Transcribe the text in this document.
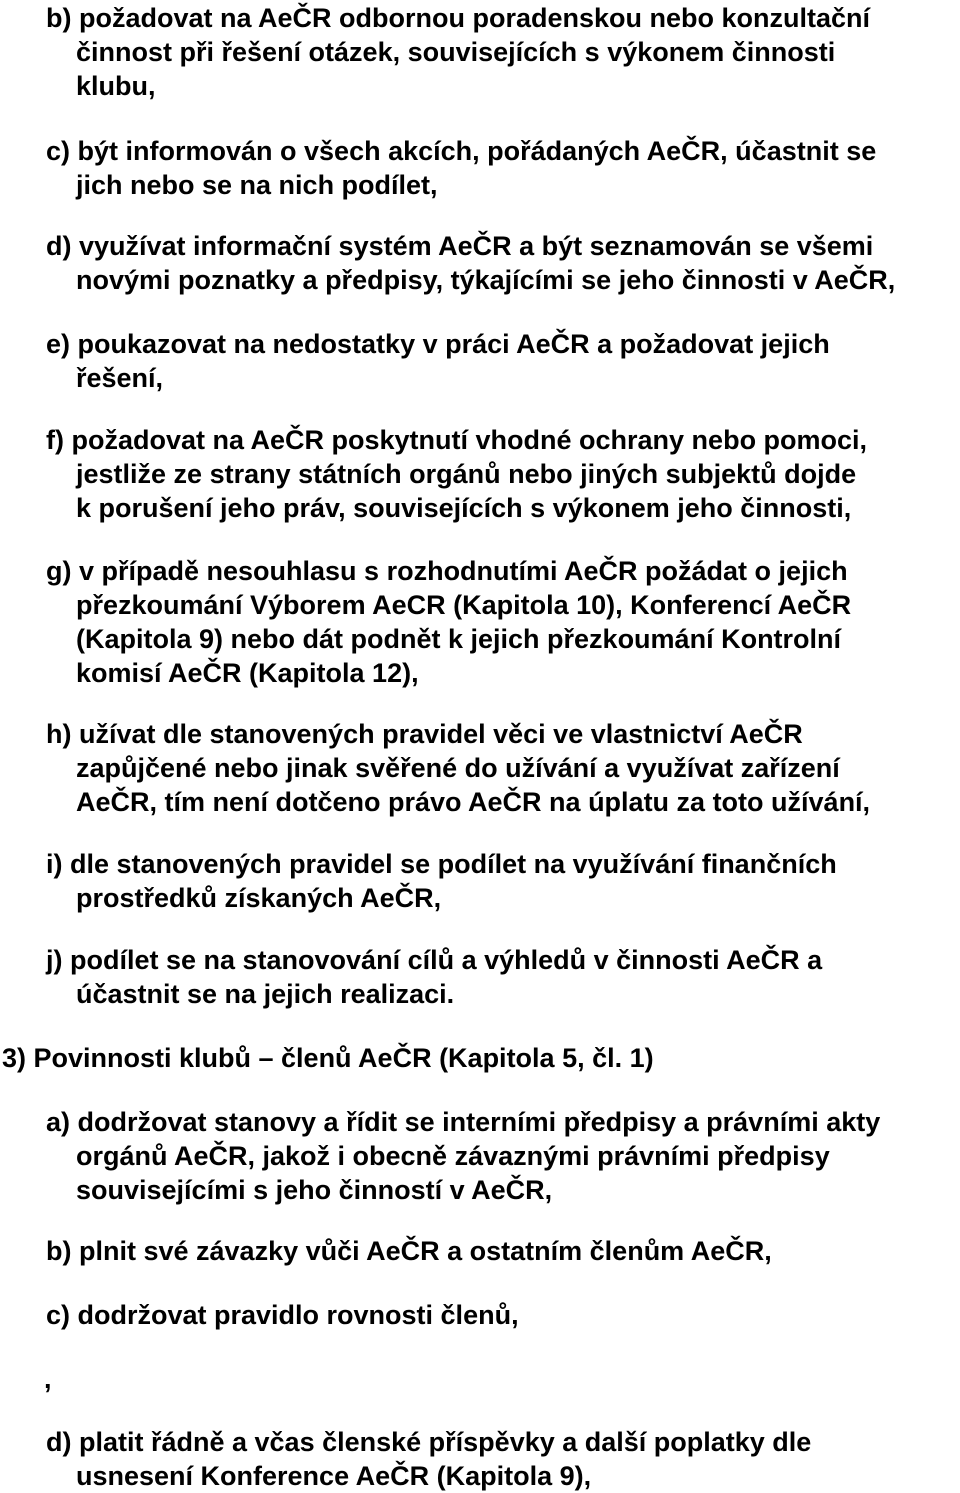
b) požadovat na AeČR odbornou poradenskou nebo konzultační
činnost při řešení otázek, souvisejících s výkonem činnosti
klubu,
c) být informován o všech akcích, pořádaných AeČR, účastnit se
jich nebo se na nich podílet,
d) využívat informační systém AeČR a být seznamován se všemi
novými poznatky a předpisy, týkajícími se jeho činnosti v AeČR,
e) poukazovat na nedostatky v práci AeČR a požadovat jejich
řešení,
f) požadovat na AeČR poskytnutí vhodné ochrany nebo pomoci,
jestliže ze strany státních orgánů nebo jiných subjektů dojde
k porušení jeho práv, souvisejících s výkonem jeho činnosti,
g) v případě nesouhlasu s rozhodnutími AeČR požádat o jejich
přezkoumání Výborem AeCR (Kapitola 10), Konferencí AeČR
(Kapitola 9) nebo dát podnět k jejich přezkoumání Kontrolní
komisí AeČR (Kapitola 12),
h) užívat dle stanovených pravidel věci ve vlastnictví AeČR
zapůjčené nebo jinak svěřené do užívání a využívat zařízení
AeČR, tím není dotčeno právo AeČR na úplatu za toto užívání,
i) dle stanovených pravidel se podílet na využívání finančních
prostředků získaných AeČR,
j) podílet se na stanovování cílů a výhledů v činnosti AeČR a
účastnit se na jejich realizaci.
3) Povinnosti klubů – členů AeČR (Kapitola 5, čl. 1)
a) dodržovat stanovy a řídit se interními předpisy a právními akty
orgánů AeČR, jakož i obecně závaznými právními předpisy
souvisejícími s jeho činností v AeČR,
b) plnit své závazky vůči AeČR a ostatním členům AeČR,
c) dodržovat pravidlo rovnosti členů,
,
d) platit řádně a včas členské příspěvky a další poplatky dle
usnesení Konference AeČR (Kapitola 9),
